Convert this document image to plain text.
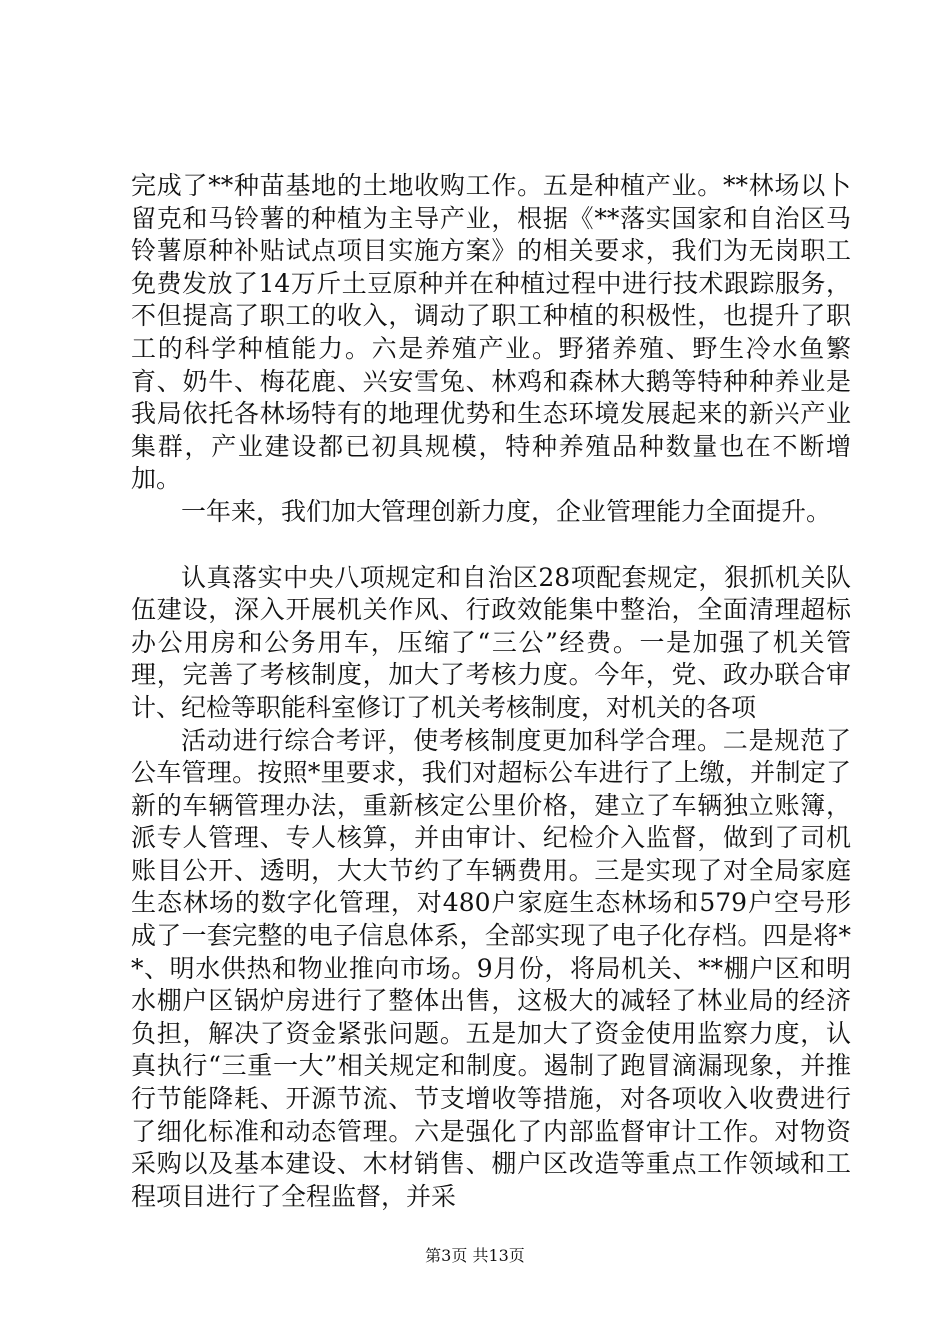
完成了**种苗基地的土地收购工作。五是种植产业。**林场以卜留克和马铃薯的种植为主导产业，根据《**落实国家和自治区马铃薯原种补贴试点项目实施方案》的相关要求，我们为无岗职工免费发放了14万斤土豆原种并在种植过程中进行技术跟踪服务，不但提高了职工的收入，调动了职工种植的积极性，也提升了职工的科学种植能力。六是养殖产业。野猪养殖、野生冷水鱼繁育、奶牛、梅花鹿、兴安雪兔、林鸡和森林大鹅等特种种养业是我局依托各林场特有的地理优势和生态环境发展起来的新兴产业集群，产业建设都已初具规模，特种养殖品种数量也在不断增加。

一年来，我们加大管理创新力度，企业管理能力全面提升。

认真落实中央八项规定和自治区28项配套规定，狠抓机关队伍建设，深入开展机关作风、行政效能集中整治，全面清理超标办公用房和公务用车，压缩了“三公”经费。一是加强了机关管理，完善了考核制度，加大了考核力度。今年，党、政办联合审计、纪检等职能科室修订了机关考核制度，对机关的各项

活动进行综合考评，使考核制度更加科学合理。二是规范了公车管理。按照*里要求，我们对超标公车进行了上缴，并制定了新的车辆管理办法，重新核定公里价格，建立了车辆独立账簿，派专人管理、专人核算，并由审计、纪检介入监督，做到了司机账目公开、透明，大大节约了车辆费用。三是实现了对全局家庭生态林场的数字化管理，对480户家庭生态林场和579户空号形成了一套完整的电子信息体系，全部实现了电子化存档。四是将**、明水供热和物业推向市场。9月份，将局机关、**棚户区和明水棚户区锅炉房进行了整体出售，这极大的减轻了林业局的经济负担，解决了资金紧张问题。五是加大了资金使用监察力度，认真执行“三重一大”相关规定和制度。遏制了跑冒滴漏现象，并推行节能降耗、开源节流、节支增收等措施，对各项收入收费进行了细化标准和动态管理。六是强化了内部监督审计工作。对物资采购以及基本建设、木材销售、棚户区改造等重点工作领域和工程项目进行了全程监督，并采

第3页 共13页
